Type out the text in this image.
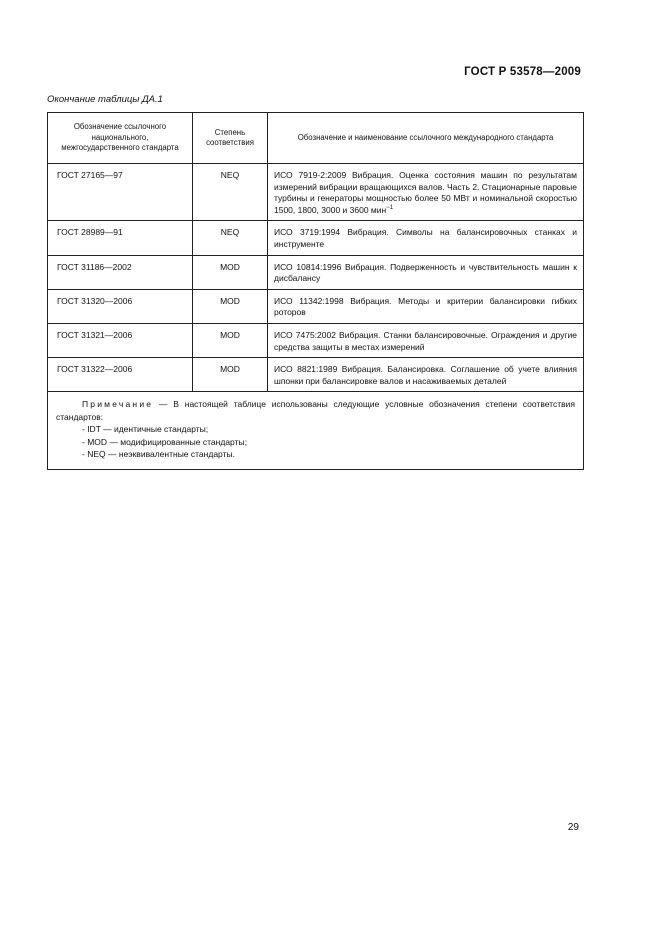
ГОСТ Р 53578—2009
Окончание таблицы ДА.1
Обозначение ссылочного национального, межгосударственного стандарта	Степень соответствия	Обозначение и наименование ссылочного международного стандарта
ГОСТ 27165—97	NEQ	ИСО 7919-2:2009 Вибрация. Оценка состояния машин по результатам измерений вибрации вращающихся валов. Часть 2. Стационарные паровые турбины и генераторы мощностью более 50 МВт и номинальной скоростью 1500, 1800, 3000 и 3600 мин$^{-1}$
ГОСТ 28989—91	NEQ	ИСО 3719:1994 Вибрация. Символы на балансировочных станках и инструменте
ГОСТ 31186—2002	MOD	ИСО 10814:1996 Вибрация. Подверженность и чувствительность машин к дисбалансу
ГОСТ 31320—2006	MOD	ИСО 11342:1998 Вибрация. Методы и критерии балансировки гибких роторов
ГОСТ 31321—2006	MOD	ИСО 7475:2002 Вибрация. Станки балансировочные. Ограждения и другие средства защиты в местах измерений
ГОСТ 31322—2006	MOD	ИСО 8821:1989 Вибрация. Балансировка. Соглашение об учете влияния шпонки при балансировке валов и насаживаемых деталей

Примечание — В настоящей таблице использованы следующие условные обозначения степени соответствия стандартов:
- IDT — идентичные стандарты;
- MOD — модифицированные стандарты;
- NEQ — неэквивалентные стандарты.		
29
